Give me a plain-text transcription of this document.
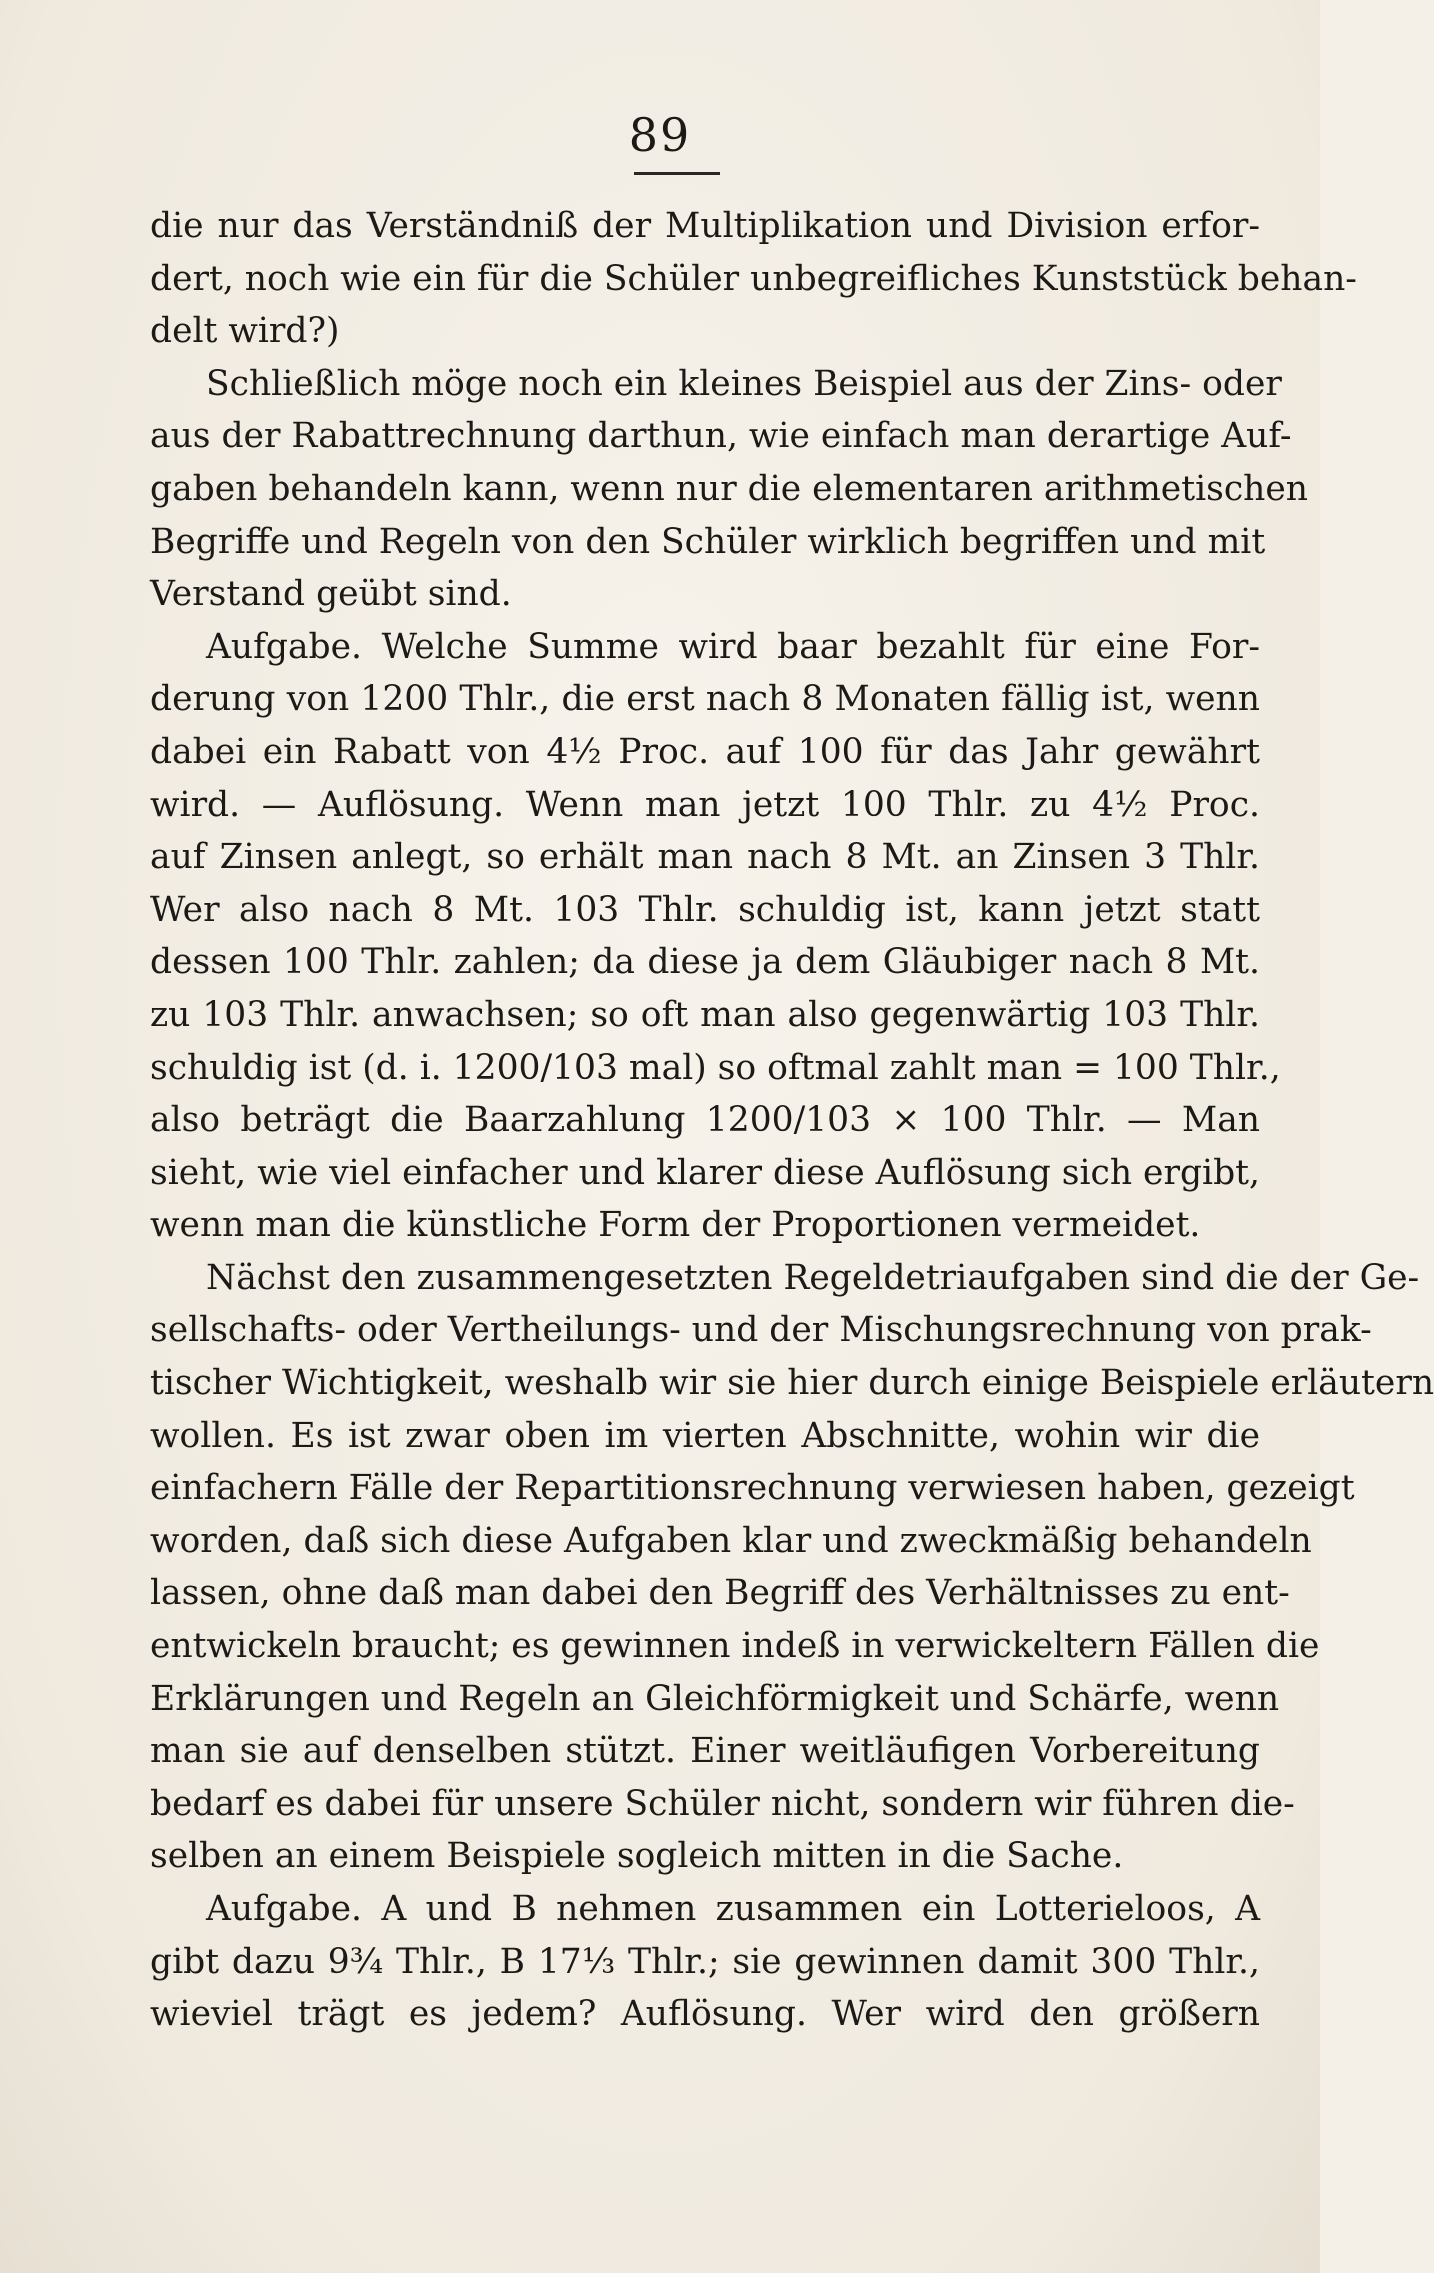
89
die nur das Verständniß der Multiplikation und Division erfor-
dert, noch wie ein für die Schüler unbegreifliches Kunststück behan-
delt wird?)
Schließlich möge noch ein kleines Beispiel aus der Zins- oder
aus der Rabattrechnung darthun, wie einfach man derartige Auf-
gaben behandeln kann, wenn nur die elementaren arithmetischen
Begriffe und Regeln von den Schüler wirklich begriffen und mit
Verstand geübt sind.
Aufgabe. Welche Summe wird baar bezahlt für eine For-
derung von 1200 Thlr., die erst nach 8 Monaten fällig ist, wenn
dabei ein Rabatt von 4½ Proc. auf 100 für das Jahr gewährt
wird. — Auflösung. Wenn man jetzt 100 Thlr. zu 4½ Proc.
auf Zinsen anlegt, so erhält man nach 8 Mt. an Zinsen 3 Thlr.
Wer also nach 8 Mt. 103 Thlr. schuldig ist, kann jetzt statt
dessen 100 Thlr. zahlen; da diese ja dem Gläubiger nach 8 Mt.
zu 103 Thlr. anwachsen; so oft man also gegenwärtig 103 Thlr.
schuldig ist (d. i. 1200/103 mal) so oftmal zahlt man = 100 Thlr.,
also beträgt die Baarzahlung 1200/103 × 100 Thlr. — Man
sieht, wie viel einfacher und klarer diese Auflösung sich ergibt,
wenn man die künstliche Form der Proportionen vermeidet.
Nächst den zusammengesetzten Regeldetriaufgaben sind die der Ge-
sellschafts- oder Vertheilungs- und der Mischungsrechnung von prak-
tischer Wichtigkeit, weshalb wir sie hier durch einige Beispiele erläutern
wollen. Es ist zwar oben im vierten Abschnitte, wohin wir die
einfachern Fälle der Repartitionsrechnung verwiesen haben, gezeigt
worden, daß sich diese Aufgaben klar und zweckmäßig behandeln
lassen, ohne daß man dabei den Begriff des Verhältnisses zu ent-
entwickeln braucht; es gewinnen indeß in verwickeltern Fällen die
Erklärungen und Regeln an Gleichförmigkeit und Schärfe, wenn
man sie auf denselben stützt. Einer weitläufigen Vorbereitung
bedarf es dabei für unsere Schüler nicht, sondern wir führen die-
selben an einem Beispiele sogleich mitten in die Sache.
Aufgabe. A und B nehmen zusammen ein Lotterieloos, A
gibt dazu 9¾ Thlr., B 17⅓ Thlr.; sie gewinnen damit 300 Thlr.,
wieviel trägt es jedem? Auflösung. Wer wird den größern
